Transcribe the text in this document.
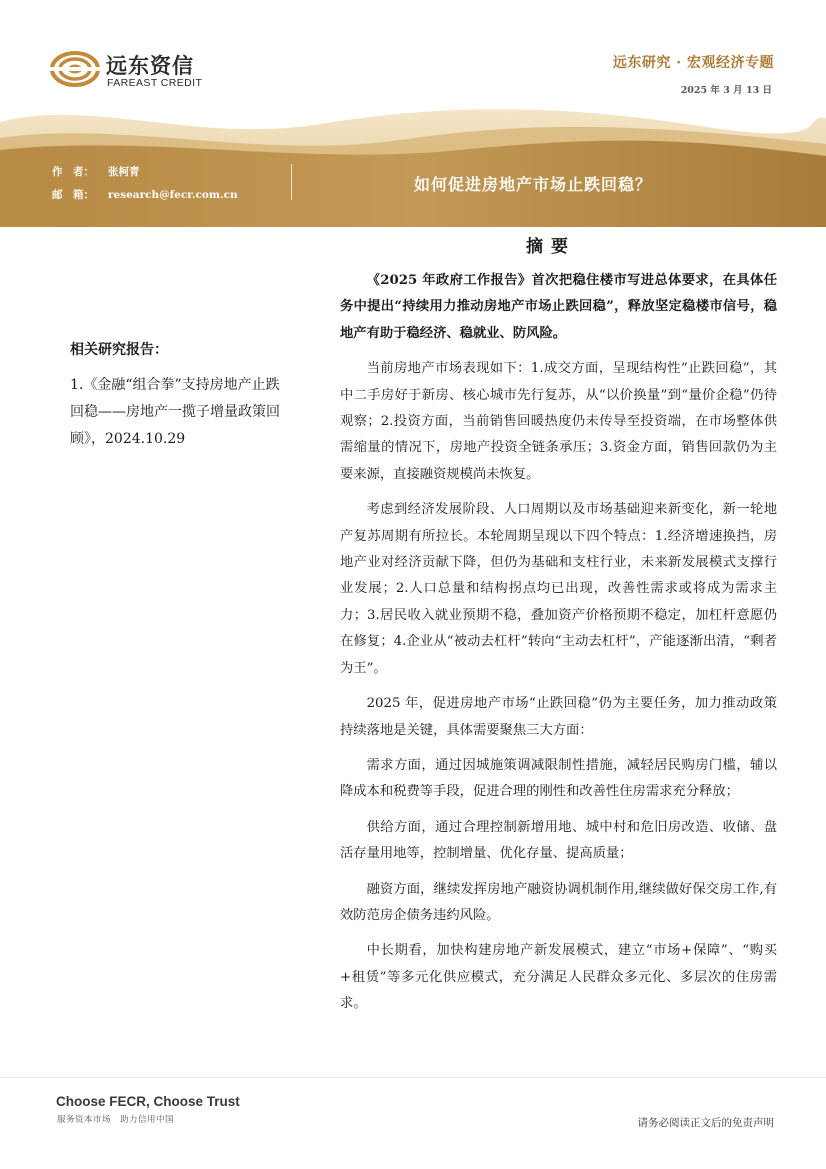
远东资信
FAREAST CREDIT
远东研究 · 宏观经济专题
2025 年 3 月 13 日
作　者： 张柯青
邮　箱： research@fecr.com.cn
如何促进房地产市场止跌回稳？
相关研究报告：
1.《金融“组合拳”支持房地产止跌回稳——房地产一揽子增量政策回顾》，2024.10.29
摘要

《2025 年政府工作报告》首次把稳住楼市写进总体要求，在具体任务中提出“持续用力推动房地产市场止跌回稳”，释放坚定稳楼市信号，稳地产有助于稳经济、稳就业、防风险。

当前房地产市场表现如下：1.成交方面，呈现结构性“止跌回稳”，其中二手房好于新房、核心城市先行复苏，从“以价换量”到“量价企稳”仍待观察；2.投资方面，当前销售回暖热度仍未传导至投资端，在市场整体供需缩量的情况下，房地产投资全链条承压；3.资金方面，销售回款仍为主要来源，直接融资规模尚未恢复。

考虑到经济发展阶段、人口周期以及市场基础迎来新变化，新一轮地产复苏周期有所拉长。本轮周期呈现以下四个特点：1.经济增速换挡，房地产业对经济贡献下降，但仍为基础和支柱行业，未来新发展模式支撑行业发展；2.人口总量和结构拐点均已出现，改善性需求或将成为需求主力；3.居民收入就业预期不稳，叠加资产价格预期不稳定，加杠杆意愿仍在修复；4.企业从“被动去杠杆”转向“主动去杠杆”，产能逐渐出清，“剩者为王”。

2025 年，促进房地产市场“止跌回稳”仍为主要任务，加力推动政策持续落地是关键，具体需要聚焦三大方面：

需求方面，通过因城施策调减限制性措施，减轻居民购房门槛，辅以降成本和税费等手段，促进合理的刚性和改善性住房需求充分释放；

供给方面，通过合理控制新增用地、城中村和危旧房改造、收储、盘活存量用地等，控制增量、优化存量、提高质量；

融资方面，继续发挥房地产融资协调机制作用,继续做好保交房工作,有效防范房企债务违约风险。

中长期看，加快构建房地产新发展模式，建立“市场+保障”、“购买+租赁”等多元化供应模式，充分满足人民群众多元化、多层次的住房需求。

Choose FECR, Choose Trust
服务资本市场　助力信用中国	请务必阅读正文后的免责声明
